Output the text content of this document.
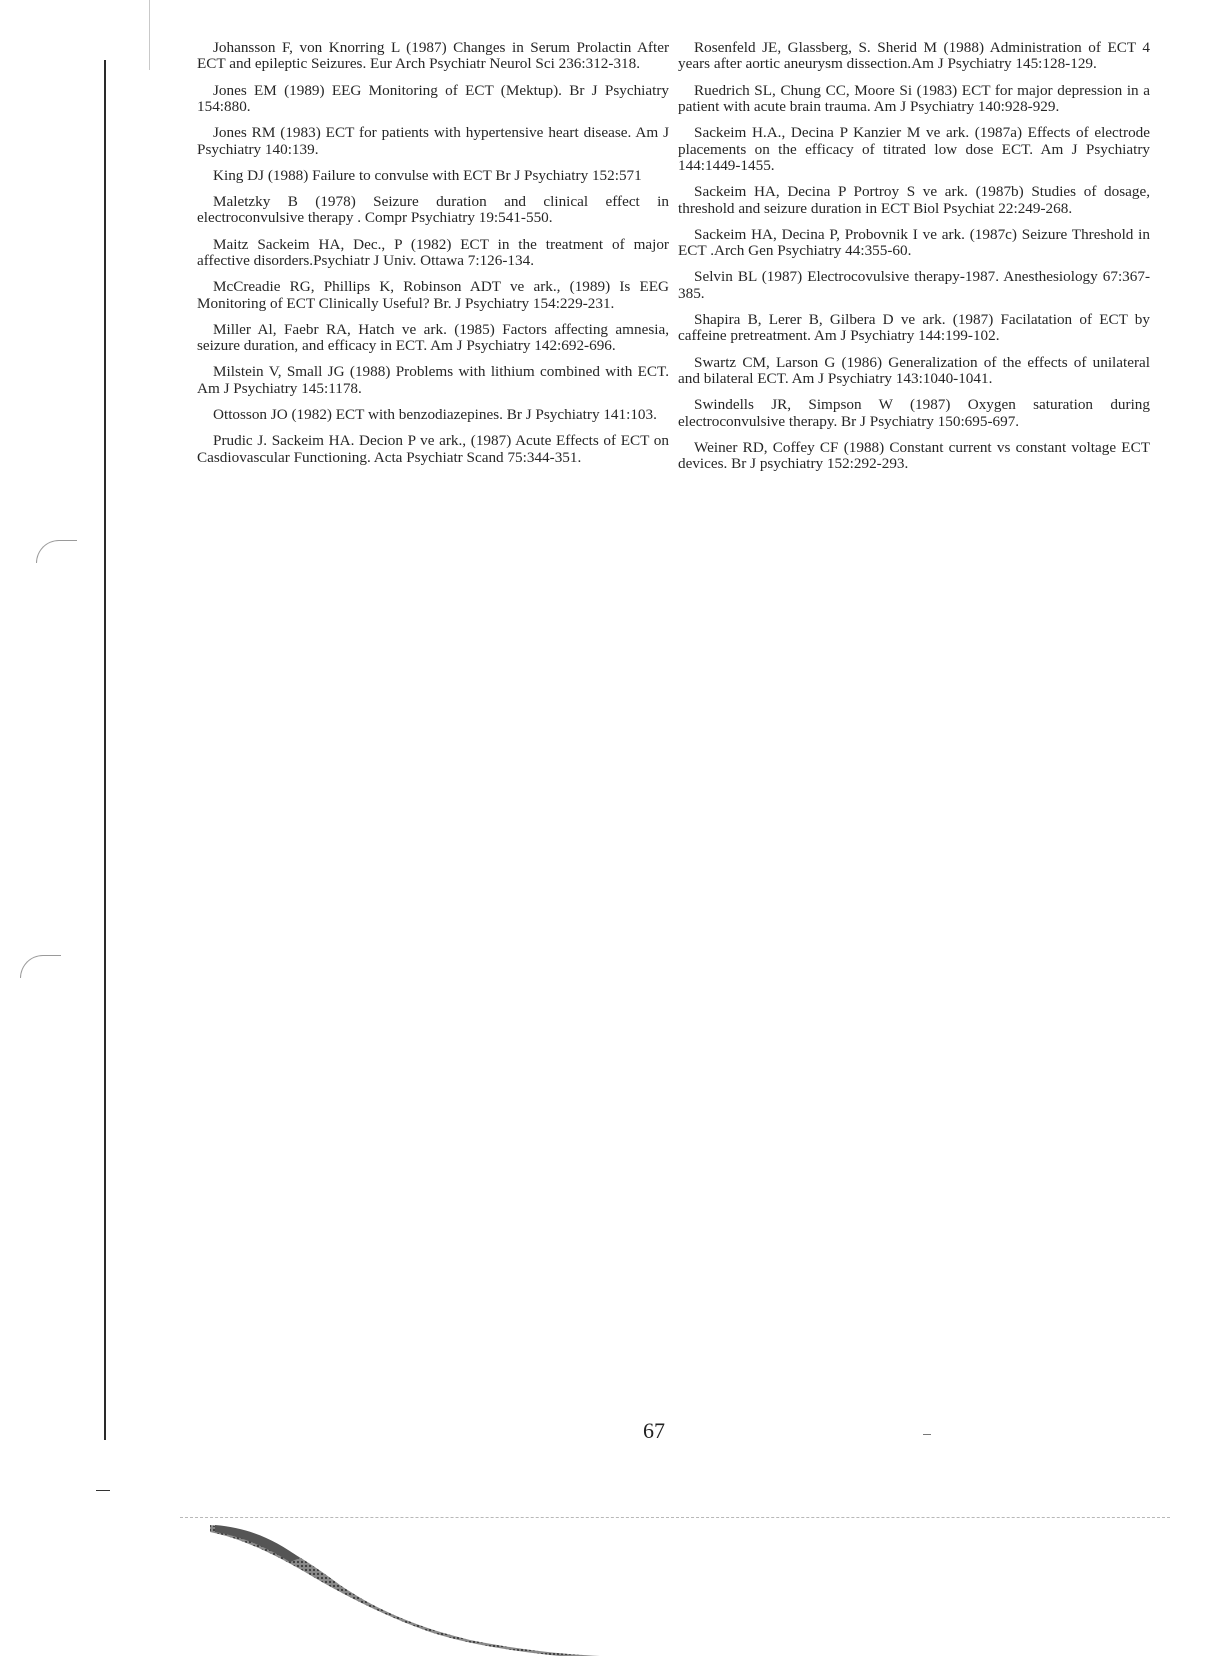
Johansson F, von Knorring L (1987) Changes in Serum Prolactin After ECT and epileptic Seizures. Eur Arch Psychiatr Neurol Sci 236:312-318.

Jones EM (1989) EEG Monitoring of ECT (Mektup). Br J Psychiatry 154:880.

Jones RM (1983) ECT for patients with hypertensive heart disease. Am J Psychiatry 140:139.

King DJ (1988) Failure to convulse with ECT Br J Psychiatry 152:571

Maletzky B (1978) Seizure duration and clinical effect in electroconvulsive therapy . Compr Psychiatry 19:541-550.

Maitz Sackeim HA, Dec., P (1982) ECT in the treatment of major affective disorders.Psychiatr J Univ. Ottawa 7:126-134.

McCreadie RG, Phillips K, Robinson ADT ve ark., (1989) Is EEG Monitoring of ECT Clinically Useful? Br. J Psychiatry 154:229-231.

Miller Al, Faebr RA, Hatch ve ark. (1985) Factors affecting amnesia, seizure duration, and efficacy in ECT. Am J Psychiatry 142:692-696.

Milstein V, Small JG (1988) Problems with lithium combined with ECT. Am J Psychiatry 145:1178.

Ottosson JO (1982) ECT with benzodiazepines. Br J Psychiatry 141:103.

Prudic J. Sackeim HA. Decion P ve ark., (1987) Acute Effects of ECT on Casdiovascular Functioning. Acta Psychiatr Scand 75:344-351.

Rosenfeld JE, Glassberg, S. Sherid M (1988) Administration of ECT 4 years after aortic aneurysm dissection.Am J Psychiatry 145:128-129.

Ruedrich SL, Chung CC, Moore Si (1983) ECT for major depression in a patient with acute brain trauma. Am J Psychiatry 140:928-929.

Sackeim H.A., Decina P Kanzier M ve ark. (1987a) Effects of electrode placements on the efficacy of titrated low dose ECT. Am J Psychiatry 144:1449-1455.

Sackeim HA, Decina P Portroy S ve ark. (1987b) Studies of dosage, threshold and seizure duration in ECT Biol Psychiat 22:249-268.

Sackeim HA, Decina P, Probovnik I ve ark. (1987c) Seizure Threshold in ECT .Arch Gen Psychiatry 44:355-60.

Selvin BL (1987) Electrocovulsive therapy-1987. Anesthesiology 67:367-385.

Shapira B, Lerer B, Gilbera D ve ark. (1987) Facilatation of ECT by caffeine pretreatment. Am J Psychiatry 144:199-102.

Swartz CM, Larson G (1986) Generalization of the effects of unilateral and bilateral ECT. Am J Psychiatry 143:1040-1041.

Swindells JR, Simpson W (1987) Oxygen saturation during electroconvulsive therapy. Br J Psychiatry 150:695-697.

Weiner RD, Coffey CF (1988) Constant current vs constant voltage ECT devices. Br J psychiatry 152:292-293.

67
